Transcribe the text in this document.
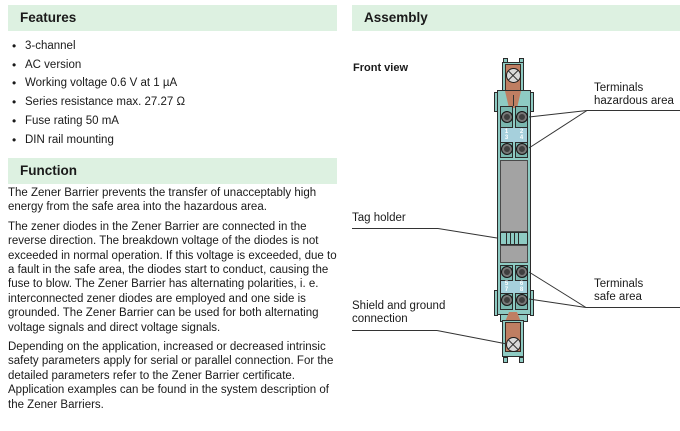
Features
• 3-channel
• AC version
• Working voltage 0.6 V at 1 µA
• Series resistance max. 27.27 Ω
• Fuse rating 50 mA
• DIN rail mounting
Function

The Zener Barrier prevents the transfer of unacceptably high energy from the safe area into the hazardous area.

The zener diodes in the Zener Barrier are connected in the reverse direction. The breakdown voltage of the diodes is not exceeded in normal operation. If this voltage is exceeded, due to a fault in the safe area, the diodes start to conduct, causing the fuse to blow. The Zener Barrier has alternating polarities, i. e. interconnected zener diodes are employed and one side is grounded. The Zener Barrier can be used for both alternating voltage signals and direct voltage signals.

Depending on the application, increased or decreased intrinsic safety parameters apply for serial or parallel connection. For the detailed parameters refer to the Zener Barrier certificate. Application examples can be found in the system description of the Zener Barriers.

Assembly
Front view
1	2
3	4
5	6
7	8
Terminals
hazardous area
Tag holder
Shield and ground
connection
Terminals
safe area
